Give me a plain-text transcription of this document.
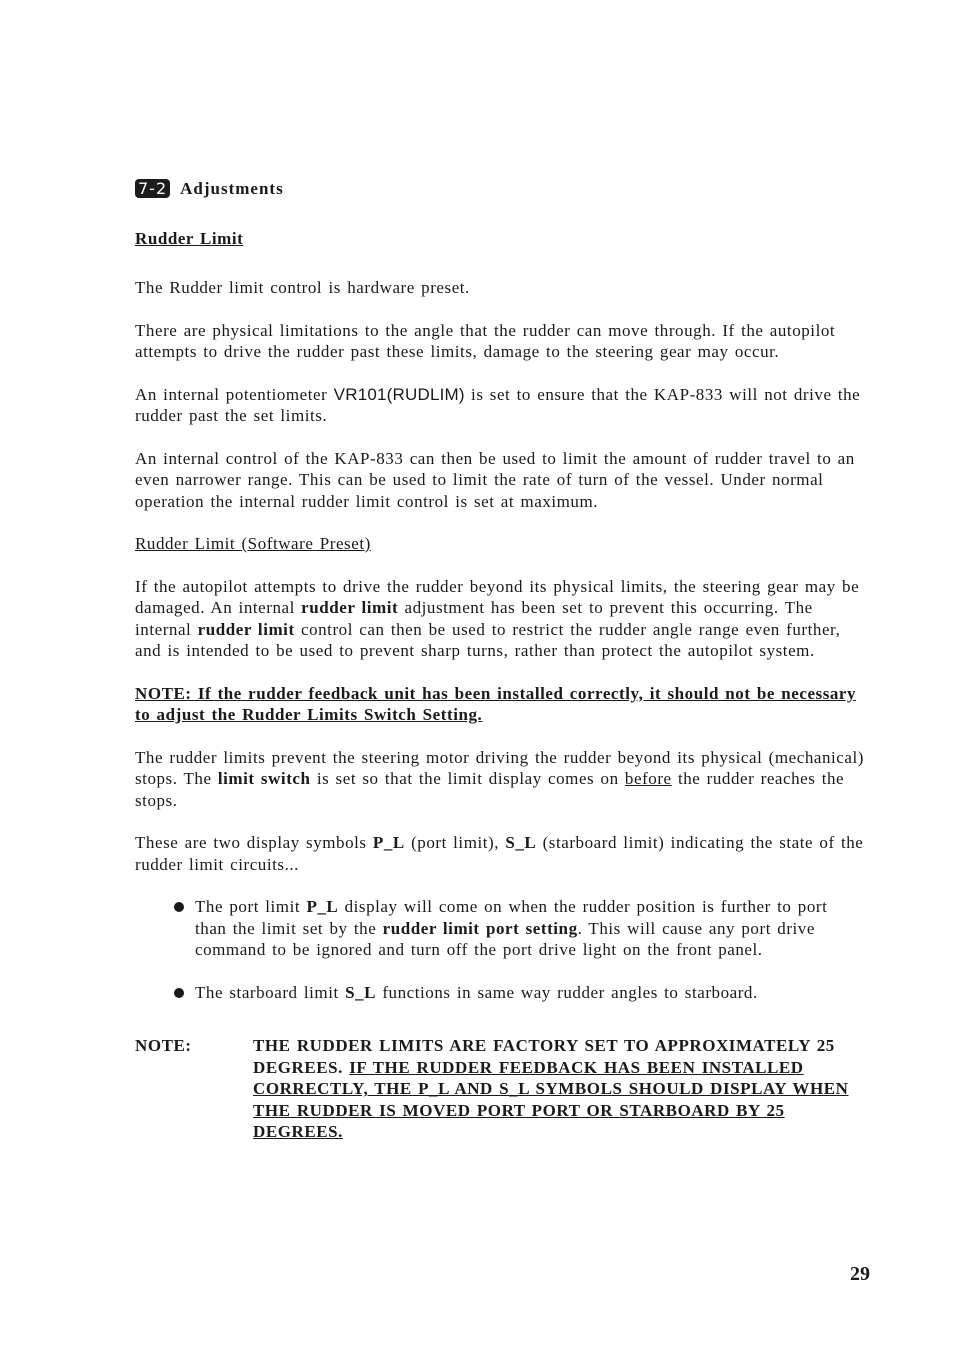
7-2 Adjustments

Rudder Limit

The Rudder limit control is hardware preset.

There are physical limitations to the angle that the rudder can move through. If the autopilot attempts to drive the rudder past these limits, damage to the steering gear may occur.

An internal potentiometer VR101(RUDLIM) is set to ensure that the KAP-833 will not drive the rudder past the set limits.

An internal control of the KAP-833 can then be used to limit the amount of rudder travel to an even narrower range. This can be used to limit the rate of turn of the vessel. Under normal operation the internal rudder limit control is set at maximum.

Rudder Limit (Software Preset)

If the autopilot attempts to drive the rudder beyond its physical limits, the steering gear may be damaged. An internal rudder limit adjustment has been set to prevent this occurring. The internal rudder limit control can then be used to restrict the rudder angle range even further, and is intended to be used to prevent sharp turns, rather than protect the autopilot system.

NOTE: If the rudder feedback unit has been installed correctly, it should not be necessary to adjust the Rudder Limits Switch Setting.

The rudder limits prevent the steering motor driving the rudder beyond its physical (mechanical) stops. The limit switch is set so that the limit display comes on before the rudder reaches the stops.

These are two display symbols P_L (port limit), S_L (starboard limit) indicating the state of the rudder limit circuits...

The port limit P_L display will come on when the rudder position is further to port than the limit set by the rudder limit port setting. This will cause any port drive command to be ignored and turn off the port drive light on the front panel.
The starboard limit S_L functions in same way rudder angles to starboard.
NOTE:	THE RUDDER LIMITS ARE FACTORY SET TO APPROXIMATELY 25 DEGREES. IF THE RUDDER FEEDBACK HAS BEEN INSTALLED CORRECTLY, THE P_L AND S_L SYMBOLS SHOULD DISPLAY WHEN THE RUDDER IS MOVED PORT PORT OR STARBOARD BY 25 DEGREES.
29
